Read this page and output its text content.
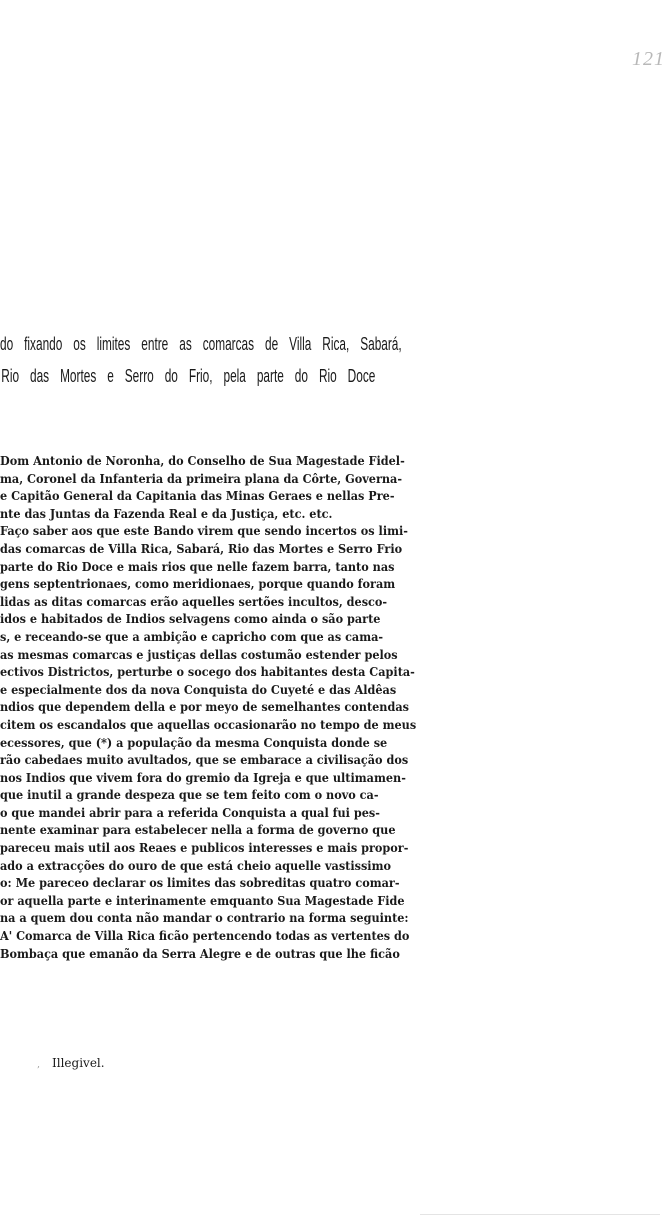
121
do fixando os limites entre as comarcas de Villa Rica, Sabará,
Rio das Mortes e Serro do Frio, pela parte do Rio Doce
Dom Antonio de Noronha, do Conselho de Sua Magestade Fidel-
ma, Coronel da Infanteria da primeira plana da Côrte, Governa-
e Capitão General da Capitania das Minas Geraes e nellas Pre-
nte das Juntas da Fazenda Real e da Justiça, etc. etc.
Faço saber aos que este Bando virem que sendo incertos os limi-
das comarcas de Villa Rica, Sabará, Rio das Mortes e Serro Frio
parte do Rio Doce e mais rios que nelle fazem barra, tanto nas
gens septentrionaes, como meridionaes, porque quando foram
lidas as ditas comarcas erão aquelles sertões incultos, desco-
idos e habitados de Indios selvagens como ainda o são parte
s, e receando-se que a ambição e capricho com que as cama-
as mesmas comarcas e justiças dellas costumão estender pelos
ectivos Districtos, perturbe o socego dos habitantes desta Capita-
e especialmente dos da nova Conquista do Cuyeté e das Aldêas
ndios que dependem della e por meyo de semelhantes contendas
citem os escandalos que aquellas occasionarão no tempo de meus
ecessores, que (*) a população da mesma Conquista donde se
rão cabedaes muito avultados, que se embarace a civilisação dos
nos Indios que vivem fora do gremio da Igreja e que ultimamen-
que inutil a grande despeza que se tem feito com o novo ca-
o que mandei abrir para a referida Conquista a qual fui pes-
nente examinar para estabelecer nella a forma de governo que
pareceu mais util aos Reaes e publicos interesses e mais propor-
ado a extracções do ouro de que está cheio aquelle vastissimo
o: Me pareceo declarar os limites das sobreditas quatro comar-
or aquella parte e interinamente emquanto Sua Magestade Fide
na a quem dou conta não mandar o contrario na forma seguinte:
A' Comarca de Villa Rica ficão pertencendo todas as vertentes do
Bombaça que emanão da Serra Alegre e de outras que lhe ficão
, Illegivel.
